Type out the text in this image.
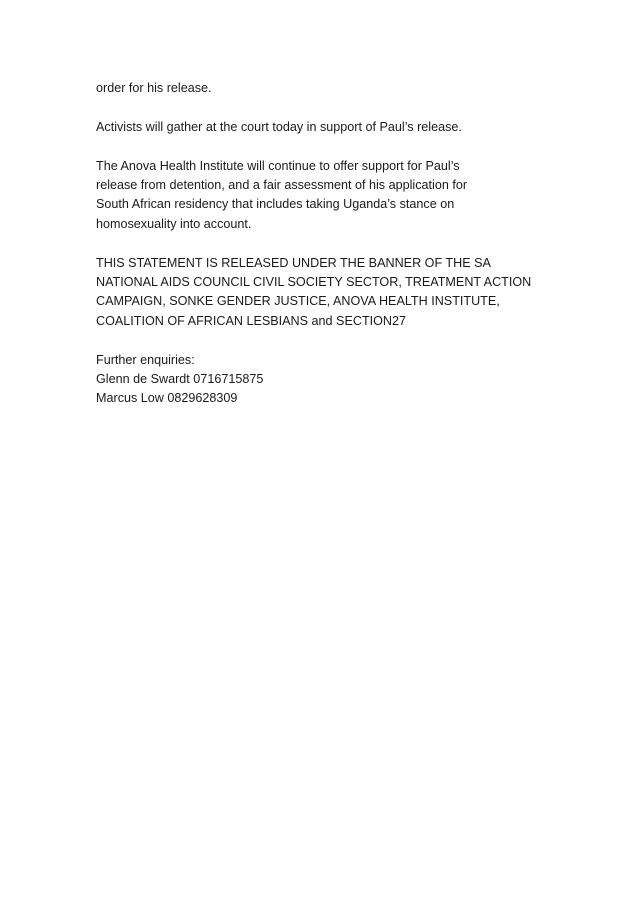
order for his release.

Activists will gather at the court today in support of Paul’s release.

The Anova Health Institute will continue to offer support for Paul’s
release from detention, and a fair assessment of his application for
South African residency that includes taking Uganda’s stance on
homosexuality into account.

THIS STATEMENT IS RELEASED UNDER THE BANNER OF THE SA
NATIONAL AIDS COUNCIL CIVIL SOCIETY SECTOR, TREATMENT ACTION
CAMPAIGN, SONKE GENDER JUSTICE, ANOVA HEALTH INSTITUTE,
COALITION OF AFRICAN LESBIANS and SECTION27

Further enquiries:
Glenn de Swardt 0716715875
Marcus Low 0829628309
